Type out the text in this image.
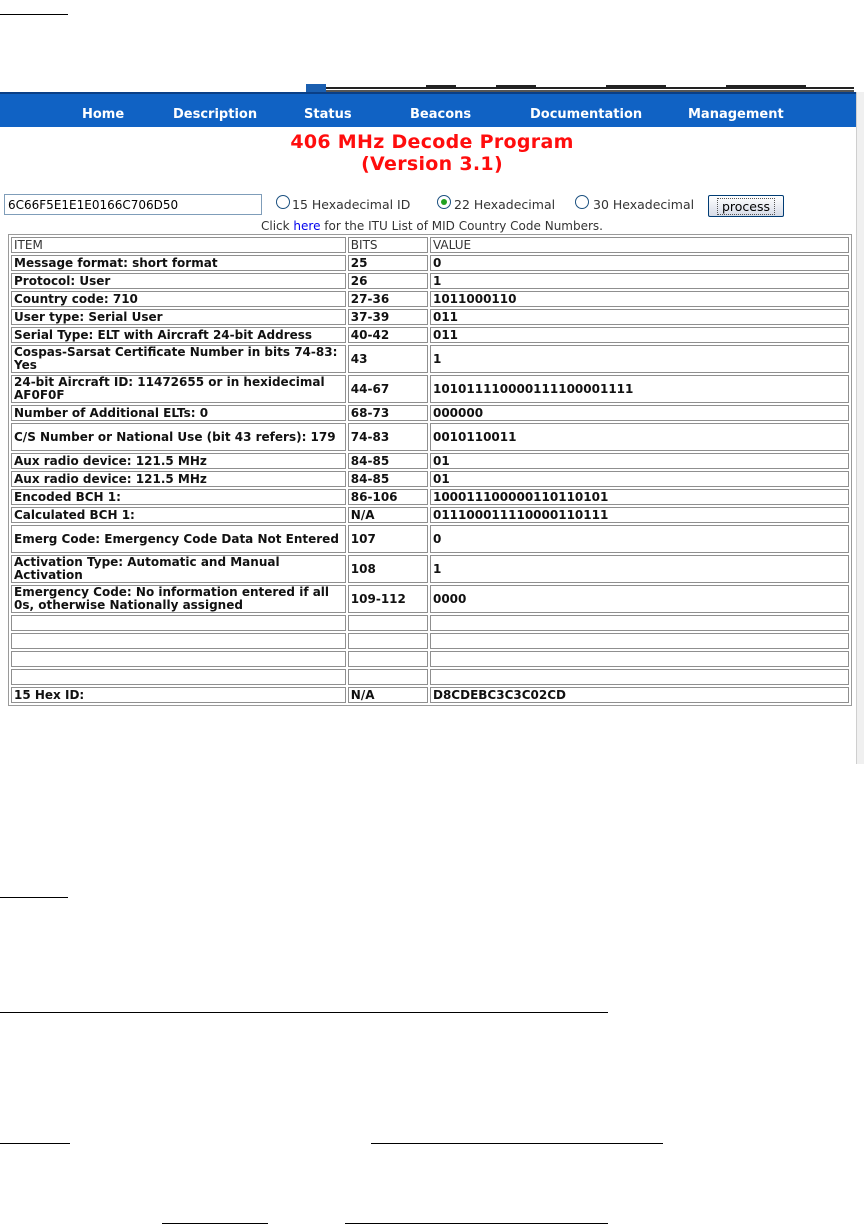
Home	Description	Status	Beacons	Documentation	Management
406 MHz Decode Program
(Version 3.1)
6C66F5E1E1E0166C706D50
15 Hexadecimal ID	22 Hexadecimal	30 Hexadecimal	process
Click here for the ITU List of MID Country Code Numbers.
ITEM	BITS	VALUE
Message format: short format	25	0
Protocol: User	26	1
Country code: 710	27-36	1011000110
User type: Serial User	37-39	011
Serial Type: ELT with Aircraft 24-bit Address	40-42	011
Cospas-Sarsat Certificate Number in bits 74-83: Yes	43	1
24-bit Aircraft ID: 11472655 or in hexidecimal AF0F0F	44-67	101011110000111100001111
Number of Additional ELTs: 0	68-73	000000
C/S Number or National Use (bit 43 refers): 179	74-83	0010110011
Aux radio device: 121.5 MHz	84-85	01
Aux radio device: 121.5 MHz	84-85	01
Encoded BCH 1:	86-106	100011100000110110101
Calculated BCH 1:	N/A	011100011110000110111
Emerg Code: Emergency Code Data Not Entered	107	0
Activation Type: Automatic and Manual Activation	108	1
Emergency Code: No information entered if all 0s, otherwise Nationally assigned	109-112	0000

15 Hex ID:	N/A	D8CDEBC3C3C02CD
